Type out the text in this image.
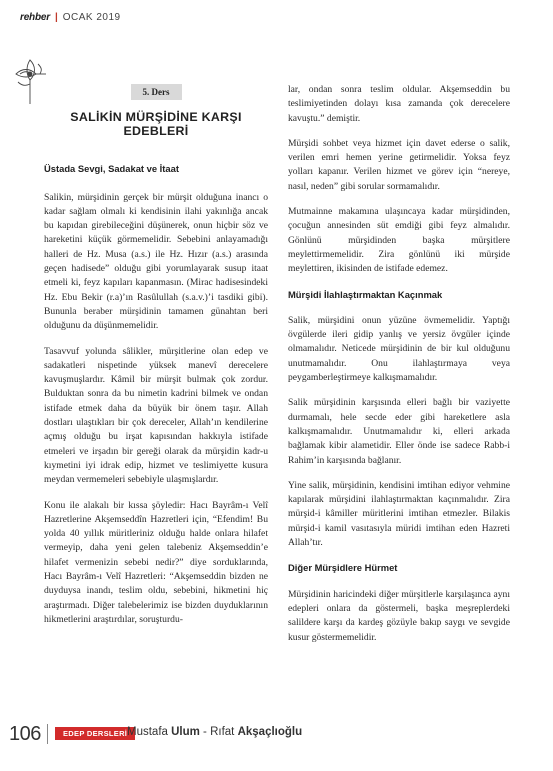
rehber | OCAK 2019
5. Ders
SALİKİN MÜRŞİDİNE KARŞI
EDEBLERİ
Üstada Sevgi, Sadakat ve İtaat

Salikin, mürşidinin gerçek bir mürşit olduğuna inancı o kadar sağlam olmalı ki kendisinin ilahi yakınlığa ancak bu kapıdan girebileceğini düşünerek, onun hiçbir söz ve hareketini küçük görmemelidir. Sebebini anlayamadığı halleri de Hz. Musa (a.s.) ile Hz. Hızır (a.s.) arasında geçen hadisede” olduğu gibi yorumlayarak susup itaat etmeli ki, feyz kapıları kapanmasın. (Mirac hadisesindeki Hz. Ebu Bekir (r.a)’ın Rasûlullah (s.a.v.)’i tasdiki gibi). Bununla beraber mürşidinin tamamen günahtan beri olduğunu da düşünmemelidir.

Tasavvuf yolunda sâlikler, mürşitlerine olan edep ve sadakatleri nispetinde yüksek manevî derecelere kavuşmuşlardır. Kâmil bir mürşit bulmak çok zordur. Bulduktan sonra da bu nimetin kadrini bilmek ve ondan istifade etmek daha da büyük bir önem taşır. Allah dostları ulaştıkları bir çok dereceler, Allah’ın kendilerine açmış olduğu bu irşat kapısından hakkıyla istifade etmeleri ve irşadın bir gereği olarak da mürşidin kadr-u kıymetini iyi idrak edip, hizmet ve teslimiyette kusura meydan vermemeleri sebebiyle ulaşmışlardır.

Konu ile alakalı bir kıssa şöyledir: Hacı Bayrâm-ı Velî Hazretlerine Akşemseddîn Hazretleri için, “Efendim! Bu yolda 40 yıllık müritleriniz olduğu halde onlara hilafet vermeyip, daha yeni gelen talebeniz Akşemseddin’e hilafet vermenizin sebebi nedir?” diye sorduklarında, Hacı Bayrâm-ı Velî Hazretleri: “Akşemseddin bizden ne duyduysa inandı, teslim oldu, sebebini, hikmetini hiç araştırmadı. Diğer talebelerimiz ise bizden duyduklarının hikmetlerini araştırdılar, soruşturdu-

lar, ondan sonra teslim oldular. Akşemseddin bu teslimiyetinden dolayı kısa zamanda çok derecelere kavuştu.” demiştir.

Mürşidi sohbet veya hizmet için davet ederse o salik, verilen emri hemen yerine getirmelidir. Yoksa feyz yolları kapanır. Verilen hizmet ve görev için “nereye, nasıl, neden” gibi sorular sormamalıdır.

Mutmainne makamına ulaşıncaya kadar mürşidinden, çocuğun annesinden süt emdiği gibi feyz almalıdır. Gönlünü mürşidinden başka mürşitlere meylettirmemelidir. Zira gönlünü iki mürşide meylettiren, ikisinden de istifade edemez.

Mürşidi İlahlaştırmaktan Kaçınmak

Salik, mürşidini onun yüzüne övmemelidir. Yaptığı övgülerde ileri gidip yanlış ve yersiz övgüler içinde olmamalıdır. Neticede mürşidinin de bir kul olduğunu unutmamalıdır. Onu ilahlaştırmaya veya peygamberleştirmeye kalkışmamalıdır.

Salik mürşidinin karşısında elleri bağlı bir vaziyette durmamalı, hele secde eder gibi hareketlere asla kalkışmamalıdır. Unutmamalıdır ki, elleri arkada bağlamak kibir alametidir. Eller önde ise sadece Rabb-i Rahim’in karşısında bağlanır.

Yine salik, mürşidinin, kendisini imtihan ediyor vehmine kapılarak mürşidini ilahlaştırmaktan kaçınmalıdır. Zira mürşid-i kâmiller müritlerini imtihan etmezler. Bilakis mürşid-i kamil vasıtasıyla müridi imtihan eden Hazreti Allah’tır.

Diğer Mürşidlere Hürmet

Mürşidinin haricindeki diğer mürşitlerle karşılaşınca aynı edepleri onlara da göstermeli, başka meşreplerdeki salildere karşı da kardeş gözüyle bakıp saygı ve sevgide kusur göstermemelidir.

106	EDEP DERSLERİ Mustafa Ulum - Rıfat Akşaçlıoğlu
